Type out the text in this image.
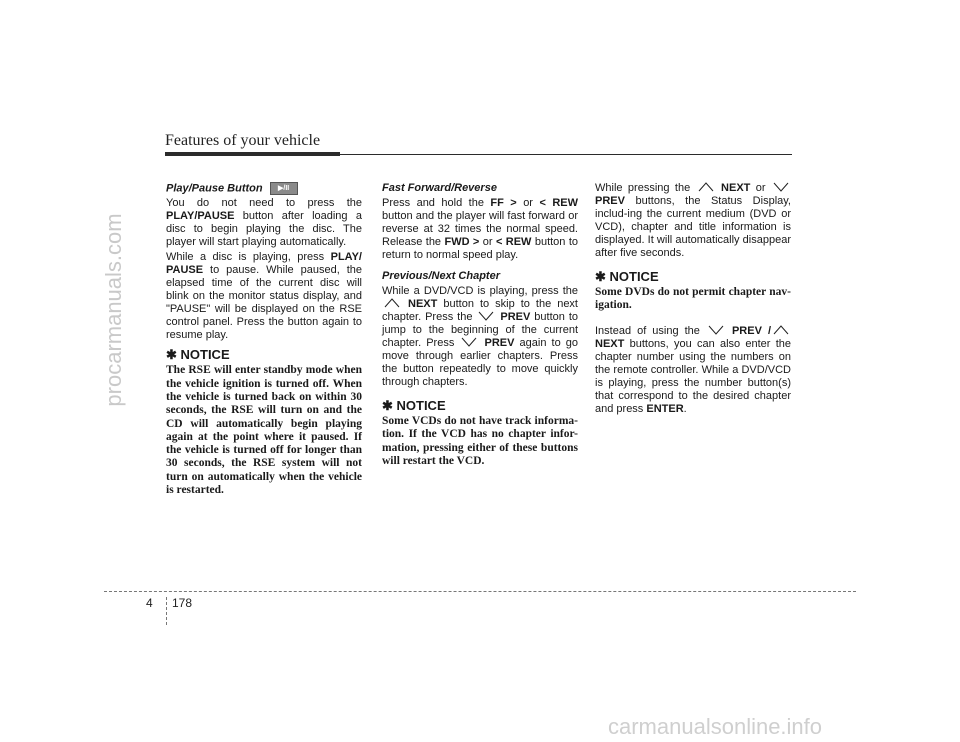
Features of your vehicle
procarmanuals.com
Play/Pause Button ▶/II

You do not need to press the PLAY/PAUSE button after loading a disc to begin playing the disc. The player will start playing automatically.

While a disc is playing, press PLAY/ PAUSE to pause. While paused, the elapsed time of the current disc will blink on the monitor status display, and "PAUSE" will be displayed on the RSE control panel. Press the button again to resume play.

✱ NOTICE
The RSE will enter standby mode when the vehicle ignition is turned off. When the vehicle is turned back on within 30 seconds, the RSE will turn on and the CD will automatically begin playing again at the point where it paused. If the vehicle is turned off for longer than 30 seconds, the RSE system will not turn on automatically when the vehicle is restarted.
Fast Forward/Reverse

Press and hold the FF > or < REW button and the player will fast forward or reverse at 32 times the normal speed. Release the FWD > or < REW button to return to normal speed play.

Previous/Next Chapter

While a DVD/VCD is playing, press the
NEXT button to skip to the next chapter. Press the
PREV button to jump to the beginning of the current chapter. Press
PREV again to go move through earlier chapters. Press the button repeatedly to move quickly through chapters.

✱ NOTICE
Some VCDs do not have track informa-tion. If the VCD has no chapter infor-mation, pressing either of these buttons will restart the VCD.

While pressing the
NEXT or
PREV buttons, the Status Display, includ-ing the current medium (DVD or VCD), chapter and title information is displayed. It will automatically disappear after five seconds.

✱ NOTICE
Some DVDs do not permit chapter nav-igation.

Instead of using the
PREV /
NEXT buttons, you can also enter the chapter number using the numbers on the remote controller. While a DVD/VCD is playing, press the number button(s) that correspond to the desired chapter and press ENTER.

4 178
carmanualsonline.info
